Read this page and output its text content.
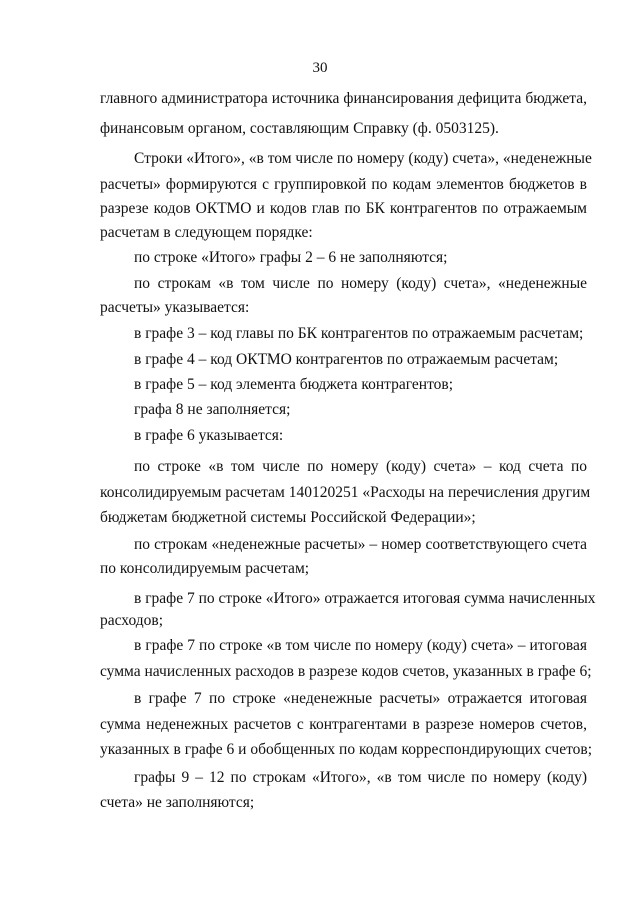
30
главного администратора источника финансирования дефицита бюджета,
финансовым органом, составляющим Справку (ф. 0503125).
Строки «Итого», «в том числе по номеру (коду) счета», «неденежные
расчеты» формируются с группировкой по кодам элементов бюджетов в
разрезе кодов ОКТМО и кодов глав по БК контрагентов по отражаемым
расчетам в следующем порядке:
по строке «Итого» графы 2 – 6 не заполняются;
по строкам «в том числе по номеру (коду) счета», «неденежные
расчеты» указывается:
в графе 3 – код главы по БК контрагентов по отражаемым расчетам;
в графе 4 – код ОКТМО контрагентов по отражаемым расчетам;
в графе 5 – код элемента бюджета контрагентов;
графа 8 не заполняется;
в графе 6 указывается:
по строке «в том числе по номеру (коду) счета» – код счета по
консолидируемым расчетам 140120251 «Расходы на перечисления другим
бюджетам бюджетной системы Российской Федерации»;
по строкам «неденежные расчеты» – номер соответствующего счета
по консолидируемым расчетам;
в графе 7 по строке «Итого» отражается итоговая сумма начисленных
расходов;
в графе 7 по строке «в том числе по номеру (коду) счета» – итоговая
сумма начисленных расходов в разрезе кодов счетов, указанных в графе 6;
в графе 7 по строке «неденежные расчеты» отражается итоговая
сумма неденежных расчетов с контрагентами в разрезе номеров счетов,
указанных в графе 6 и обобщенных по кодам корреспондирующих счетов;
графы 9 – 12 по строкам «Итого», «в том числе по номеру (коду)
счета» не заполняются;
